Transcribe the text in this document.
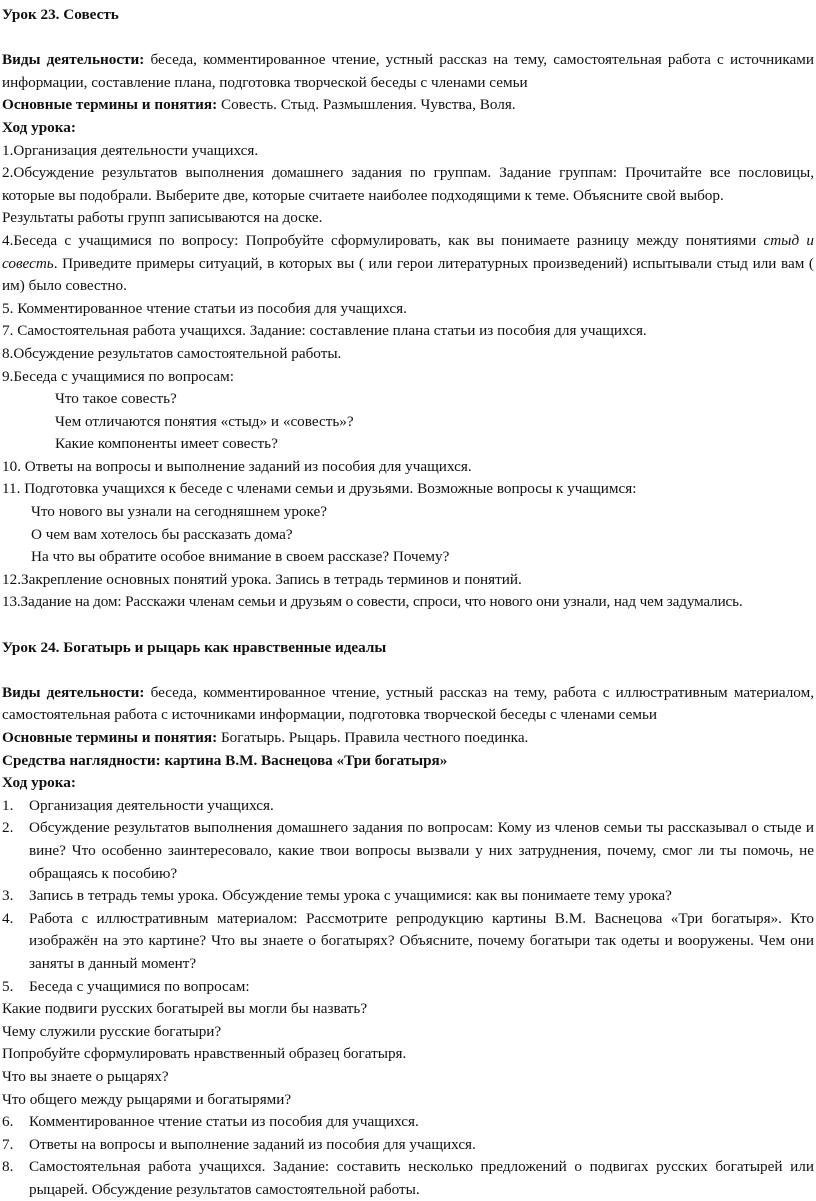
Урок 23. Совесть

Виды деятельности: беседа, комментированное чтение, устный рассказ на тему, самостоятельная работа с источниками информации, составление плана, подготовка творческой беседы с членами семьи

Основные термины и понятия: Совесть. Стыд. Размышления. Чувства, Воля.

Ход урока:

1.Организация деятельности учащихся.

2.Обсуждение результатов выполнения домашнего задания по группам. Задание группам: Прочитайте все пословицы, которые вы подобрали. Выберите две, которые считаете наиболее подходящими к теме. Объясните свой выбор.

Результаты работы групп записываются на доске.

4.Беседа с учащимися по вопросу: Попробуйте сформулировать, как вы понимаете разницу между понятиями стыд и совесть. Приведите примеры ситуаций, в которых вы ( или герои литературных произведений) испытывали стыд или вам ( им) было совестно.

5. Комментированное чтение статьи из пособия для учащихся.

7. Самостоятельная работа учащихся. Задание: составление плана статьи из пособия для учащихся.

8.Обсуждение результатов самостоятельной работы.

9.Беседа с учащимися по вопросам:

Что такое совесть?

Чем отличаются понятия «стыд» и «совесть»?

Какие компоненты имеет совесть?

10. Ответы на вопросы и выполнение заданий из пособия для учащихся.

11. Подготовка учащихся к беседе с членами семьи и друзьями. Возможные вопросы к учащимся:

Что нового вы узнали на сегодняшнем уроке?

О чем вам хотелось бы рассказать дома?

На что вы обратите особое внимание в своем рассказе? Почему?

12.Закрепление основных понятий урока. Запись в тетрадь терминов и понятий.

13.Задание на дом: Расскажи членам семьи и друзьям о совести, спроси, что нового они узнали, над чем задумались.

Урок 24. Богатырь и рыцарь как нравственные идеалы

Виды деятельности: беседа, комментированное чтение, устный рассказ на тему, работа с иллюстративным материалом, самостоятельная работа с источниками информации, подготовка творческой беседы с членами семьи

Основные термины и понятия: Богатырь. Рыцарь. Правила честного поединка.

Средства наглядности: картина В.М. Васнецова «Три богатыря»

Ход урока:

1. Организация деятельности учащихся.
2. Обсуждение результатов выполнения домашнего задания по вопросам: Кому из членов семьи ты рассказывал о стыде и вине? Что особенно заинтересовало, какие твои вопросы вызвали у них затруднения, почему, смог ли ты помочь, не обращаясь к пособию?
3. Запись в тетрадь темы урока. Обсуждение темы урока с учащимися: как вы понимаете тему урока?
4. Работа с иллюстративным материалом: Рассмотрите репродукцию картины В.М. Васнецова «Три богатыря». Кто изображён на это картине? Что вы знаете о богатырях? Объясните, почему богатыри так одеты и вооружены. Чем они заняты в данный момент?
5. Беседа с учащимися по вопросам:

Какие подвиги русских богатырей вы могли бы назвать?

Чему служили русские богатыри?

Попробуйте сформулировать нравственный образец богатыря.

Что вы знаете о рыцарях?

Что общего между рыцарями и богатырями?

6. Комментированное чтение статьи из пособия для учащихся.
7. Ответы на вопросы и выполнение заданий из пособия для учащихся.
8. Самостоятельная работа учащихся. Задание: составить несколько предложений о подвигах русских богатырей или рыцарей. Обсуждение результатов самостоятельной работы.
